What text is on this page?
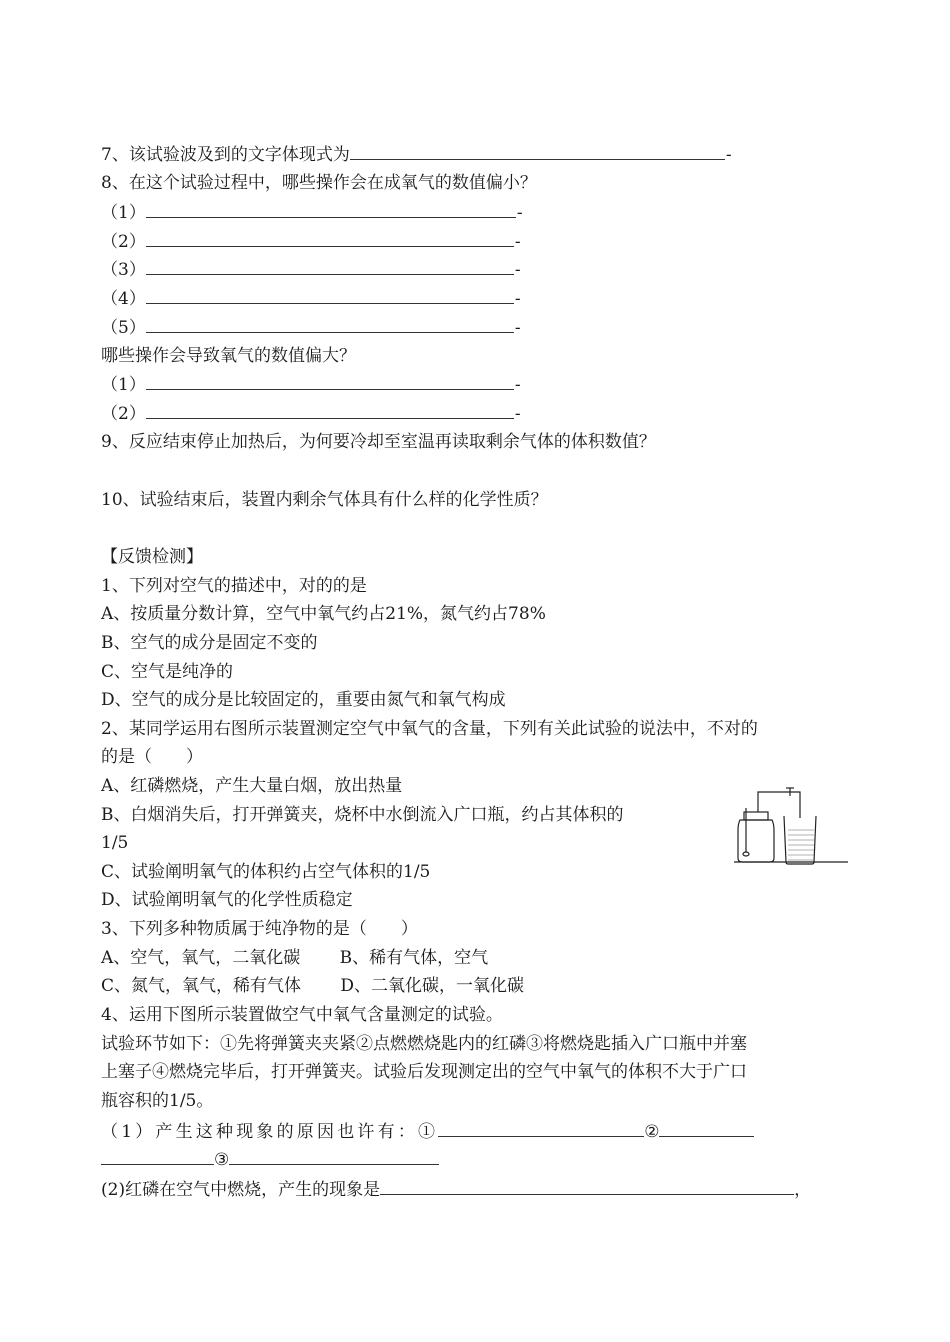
7、该试验波及到的文字体现式为	-
8、在这个试验过程中，哪些操作会在成氧气的数值偏小？
（1）	-
（2）	-
（3）	-
（4）	-
（5）	-
哪些操作会导致氧气的数值偏大？
（1）	-
（2）	-
9、反应结束停止加热后，为何要冷却至室温再读取剩余气体的体积数值？
10、试验结束后，装置内剩余气体具有什么样的化学性质？
【反馈检测】
1、下列对空气的描述中，对的的是
A、按质量分数计算，空气中氧气约占21%，氮气约占78%
B、空气的成分是固定不变的
C、空气是纯净的
D、空气的成分是比较固定的，重要由氮气和氧气构成
2、某同学运用右图所示装置测定空气中氧气的含量，下列有关此试验的说法中，不对的
的是（　　）
A、红磷燃烧，产生大量白烟，放出热量
B、白烟消失后，打开弹簧夹，烧杯中水倒流入广口瓶，约占其体积的
1/5
C、试验阐明氧气的体积约占空气体积的1/5
D、试验阐明氧气的化学性质稳定
3、下列多种物质属于纯净物的是（　　）
A、空气，氧气，二氧化碳　　 B、稀有气体，空气
C、氮气，氧气，稀有气体　　 D、二氧化碳，一氧化碳
4、运用下图所示装置做空气中氧气含量测定的试验。
试验环节如下：①先将弹簧夹夹紧②点燃燃烧匙内的红磷③将燃烧匙插入广口瓶中并塞
上塞子④燃烧完毕后，打开弹簧夹。试验后发现测定出的空气中氧气的体积不大于广口
瓶容积的1/5。
（1）产生这种现象的原因也许有：①	②
③
(2)红磷在空气中燃烧，产生的现象是	，
